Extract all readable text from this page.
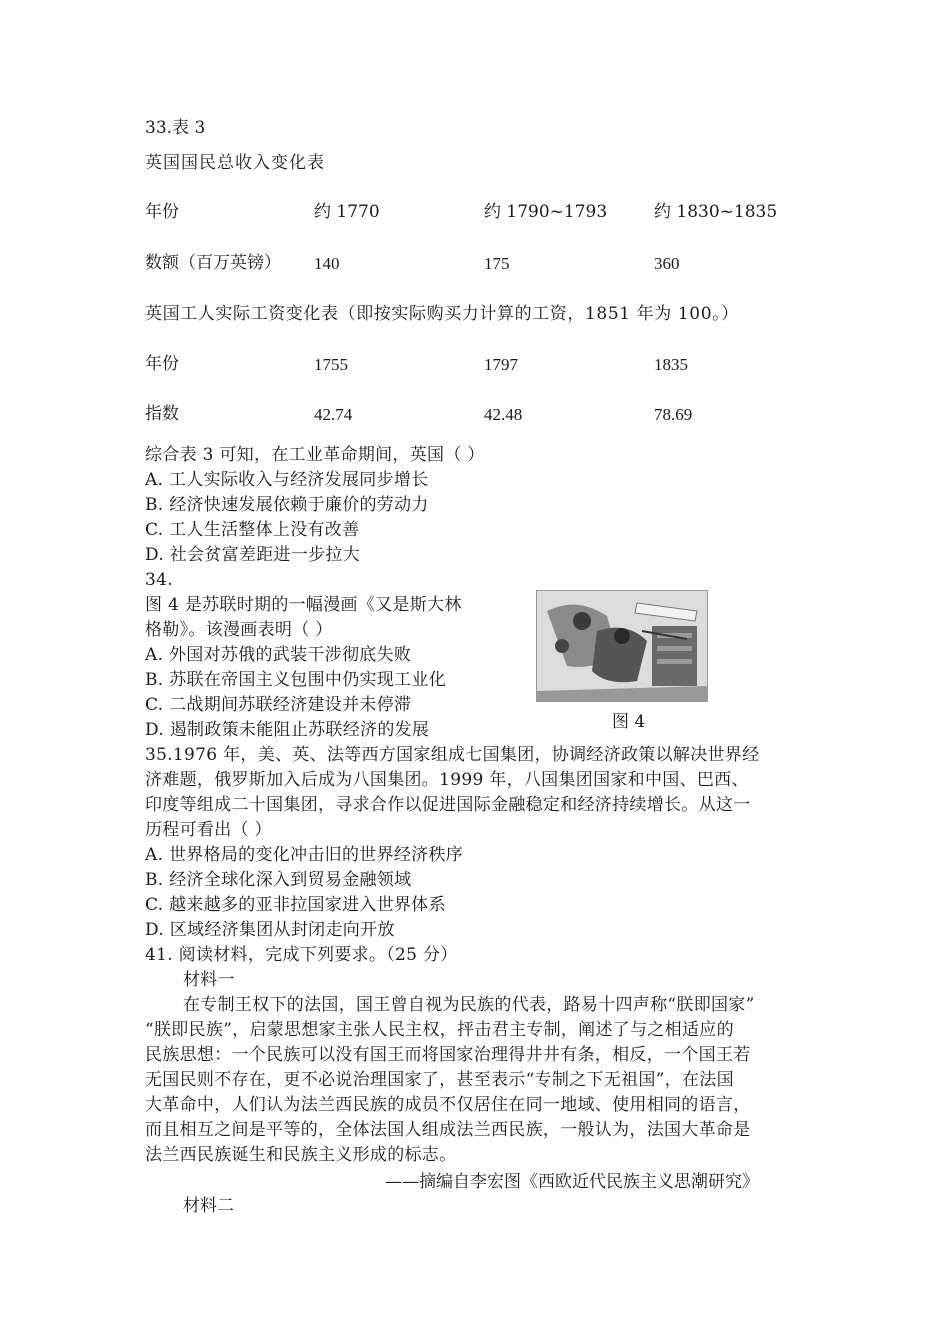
33.表 3
英国国民总收入变化表
年份	约 1770	约 1790~1793	约 1830~1835
数额（百万英镑） 140	175	360
英国工人实际工资变化表（即按实际购买力计算的工资，1851 年为 100。）
年份	1755	1797	1835
指数	42.74	42.48	78.69
综合表 3 可知，在工业革命期间，英国（ ）
A. 工人实际收入与经济发展同步增长
B. 经济快速发展依赖于廉价的劳动力
C. 工人生活整体上没有改善
D. 社会贫富差距进一步拉大
34.
图 4 是苏联时期的一幅漫画《又是斯大林
格勒》。该漫画表明（ ）
A. 外国对苏俄的武装干涉彻底失败
B. 苏联在帝国主义包围中仍实现工业化
C. 二战期间苏联经济建设并未停滞
D. 遏制政策未能阻止苏联经济的发展
35.1976 年，美、英、法等西方国家组成七国集团，协调经济政策以解决世界经
济难题，俄罗斯加入后成为八国集团。1999 年，八国集团国家和中国、巴西、
印度等组成二十国集团，寻求合作以促进国际金融稳定和经济持续增长。从这一
历程可看出（ ）
A. 世界格局的变化冲击旧的世界经济秩序
B. 经济全球化深入到贸易金融领域
C. 越来越多的亚非拉国家进入世界体系
D. 区域经济集团从封闭走向开放
41. 阅读材料，完成下列要求。（25 分）
材料一
在专制王权下的法国，国王曾自视为民族的代表，路易十四声称“朕即国家”
“朕即民族”，启蒙思想家主张人民主权，抨击君主专制，阐述了与之相适应的
民族思想：一个民族可以没有国王而将国家治理得井井有条，相反，一个国王若
无国民则不存在，更不必说治理国家了，甚至表示“专制之下无祖国”，在法国
大革命中，人们认为法兰西民族的成员不仅居住在同一地域、使用相同的语言，
而且相互之间是平等的，全体法国人组成法兰西民族，一般认为，法国大革命是
法兰西民族诞生和民族主义形成的标志。
图 4
——摘编自李宏图《西欧近代民族主义思潮研究》
材料二
